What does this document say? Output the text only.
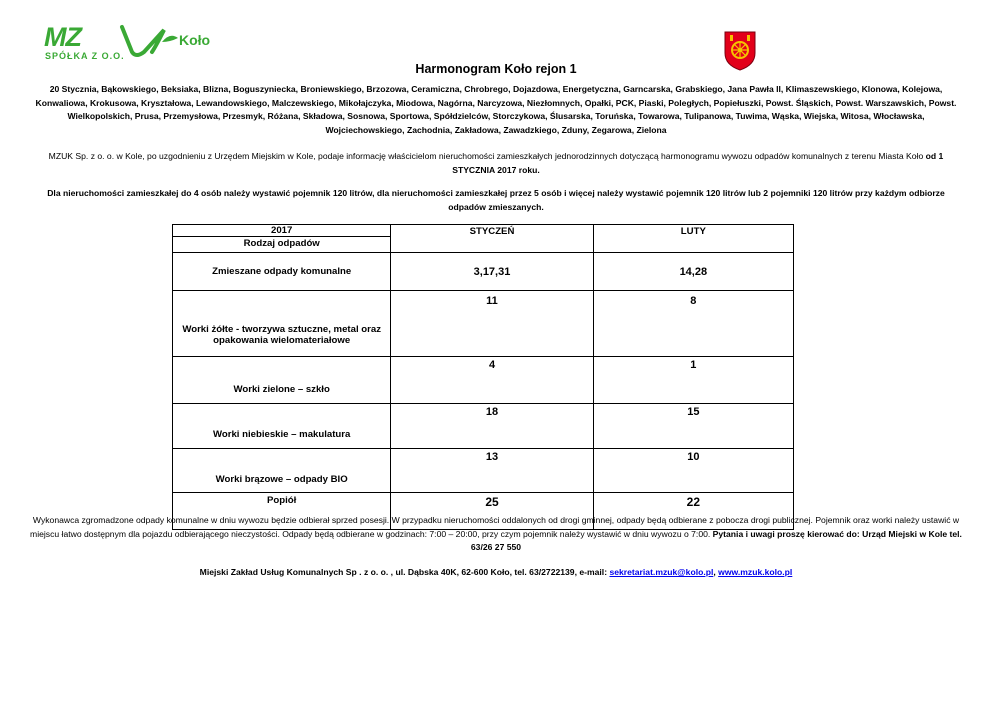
MZ	Koło
SPÓŁKA Z O.O.
Harmonogram Koło rejon 1
20 Stycznia, Bąkowskiego, Beksiaka, Blizna, Boguszyniecka, Broniewskiego, Brzozowa, Ceramiczna, Chrobrego, Dojazdowa, Energetyczna, Garncarska, Grabskiego, Jana Pawła II, Klimaszewskiego, Klonowa, Kolejowa, Konwaliowa, Krokusowa, Kryształowa, Lewandowskiego, Malczewskiego, Mikołajczyka, Miodowa, Nagórna, Narcyzowa, Niezłomnych, Opałki, PCK, Piaski, Poległych, Popiełuszki, Powst. Śląskich, Powst. Warszawskich, Powst. Wielkopolskich, Prusa, Przemysłowa, Przesmyk, Różana, Składowa, Sosnowa, Sportowa, Spółdzielców, Storczykowa, Ślusarska, Toruńska, Towarowa, Tulipanowa, Tuwima, Wąska, Wiejska, Witosa, Włocławska, Wojciechowskiego, Zachodnia, Zakładowa, Zawadzkiego, Zduny, Zegarowa, Zielona
MZUK Sp. z o. o. w Kole, po uzgodnieniu z Urzędem Miejskim w Kole, podaje informację właścicielom nieruchomości zamieszkałych jednorodzinnych dotyczącą harmonogramu wywozu odpadów komunalnych z terenu Miasta Koło od 1 STYCZNIA 2017 roku.
Dla nieruchomości zamieszkałej do 4 osób należy wystawić pojemnik 120 litrów, dla nieruchomości zamieszkałej przez 5 osób i więcej należy wystawić pojemnik 120 litrów lub 2 pojemniki 120 litrów przy każdym odbiorze odpadów zmieszanych.
2017
Rodzaj odpadów	STYCZEŃ	LUTY
Zmieszane odpady komunalne	3,17,31	14,28
Worki żółte - tworzywa sztuczne, metal oraz opakowania wielomateriałowe	11	8
Worki zielone – szkło	4	1
Worki niebieskie – makulatura	18	15
Worki brązowe – odpady BIO	13	10
Popiół	25	22
Wykonawca zgromadzone odpady komunalne w dniu wywozu będzie odbierał sprzed posesji. W przypadku nieruchomości oddalonych od drogi gminnej, odpady będą odbierane z pobocza drogi publicznej. Pojemnik oraz worki należy ustawić w miejscu łatwo dostępnym dla pojazdu odbierającego nieczystości. Odpady będą odbierane w godzinach: 7:00 – 20:00, przy czym pojemnik należy wystawić w dniu wywozu o 7:00. Pytania i uwagi proszę kierować do: Urząd Miejski w Kole tel. 63/26 27 550
Miejski Zakład Usług Komunalnych Sp . z o. o. , ul. Dąbska 40K, 62-600 Koło, tel. 63/2722139, e-mail: sekretariat.mzuk@kolo.pl, www.mzuk.kolo.pl
